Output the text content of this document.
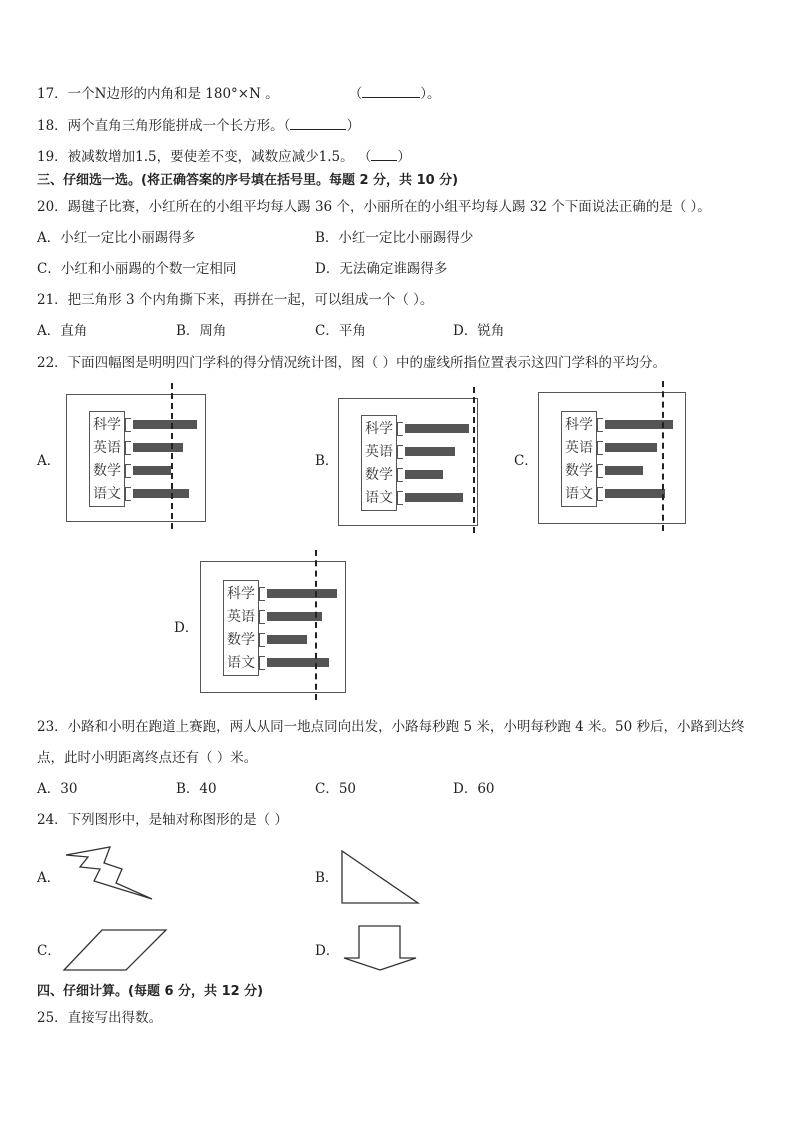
17．一个N边形的内角和是 180°×N 。	（	）。
18．两个直角三角形能拼成一个长方形。（	）
19．被减数增加1.5，要使差不变，减数应减少1.5。 （ ）
三、仔细选一选。(将正确答案的序号填在括号里。每题 2 分，共 10 分)
20．踢毽子比赛，小红所在的小组平均每人踢 36 个，小丽所在的小组平均每人踢 32 个下面说法正确的是（ ）。
A．小红一定比小丽踢得多	B．小红一定比小丽踢得少
C．小红和小丽踢的个数一定相同	D．无法确定谁踢得多
21．把三角形 3 个内角撕下来，再拼在一起，可以组成一个（ ）。
A．直角	B．周角	C．平角	D．锐角
22．下面四幅图是明明四门学科的得分情况统计图，图（ ）中的虚线所指位置表示这四门学科的平均分。
A．	B．	C．
D．
科学
英语
数学
语文
科学
英语
数学
语文
科学
英语
数学
语文
科学
英语
数学
语文
23．小路和小明在跑道上赛跑，两人从同一地点同向出发，小路每秒跑 5 米，小明每秒跑 4 米。50 秒后，小路到达终
点，此时小明距离终点还有（ ）米。
A．30	B．40	C．50	D．60
24．下列图形中，是轴对称图形的是（ ）
A．	B．
C．	D．
四、仔细计算。(每题 6 分，共 12 分)
25．直接写出得数。
